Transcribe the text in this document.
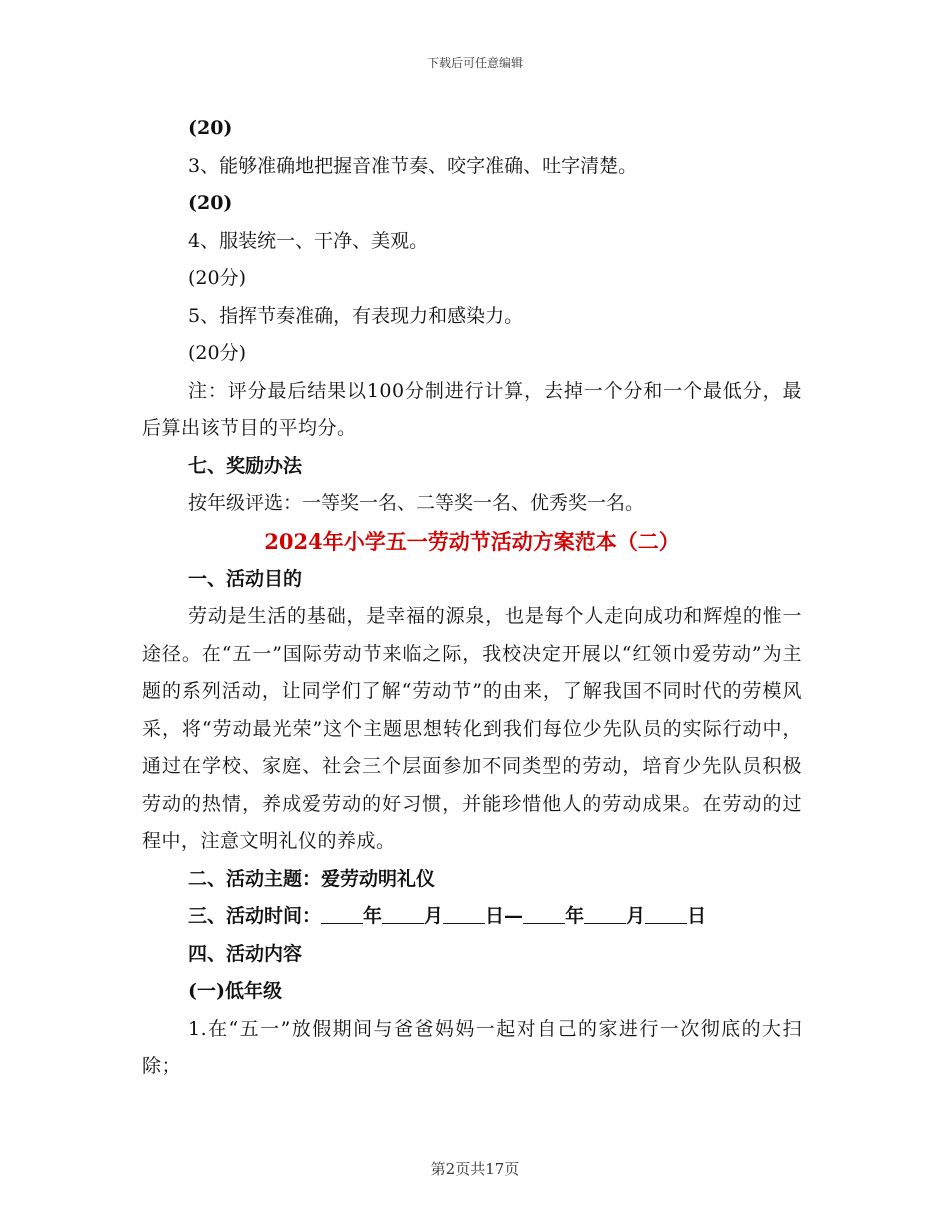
下载后可任意编辑

(20)

3、能够准确地把握音准节奏、咬字准确、吐字清楚。

(20)

4、服装统一、干净、美观。

(20分)

5、指挥节奏准确，有表现力和感染力。

(20分)

注：评分最后结果以100分制进行计算，去掉一个分和一个最低分，最后算出该节目的平均分。

七、奖励办法

按年级评选：一等奖一名、二等奖一名、优秀奖一名。

2024年小学五一劳动节活动方案范本（二）

一、活动目的

劳动是生活的基础，是幸福的源泉，也是每个人走向成功和辉煌的惟一途径。在“五一”国际劳动节来临之际，我校决定开展以“红领巾爱劳动”为主题的系列活动，让同学们了解“劳动节”的由来，了解我国不同时代的劳模风采，将“劳动最光荣”这个主题思想转化到我们每位少先队员的实际行动中，通过在学校、家庭、社会三个层面参加不同类型的劳动，培育少先队员积极劳动的热情，养成爱劳动的好习惯，并能珍惜他人的劳动成果。在劳动的过程中，注意文明礼仪的养成。

二、活动主题：爱劳动明礼仪

三、活动时间： 年 月 日— 年 月 日

四、活动内容

(一)低年级

1.在“五一”放假期间与爸爸妈妈一起对自己的家进行一次彻底的大扫除；

第2页共17页
